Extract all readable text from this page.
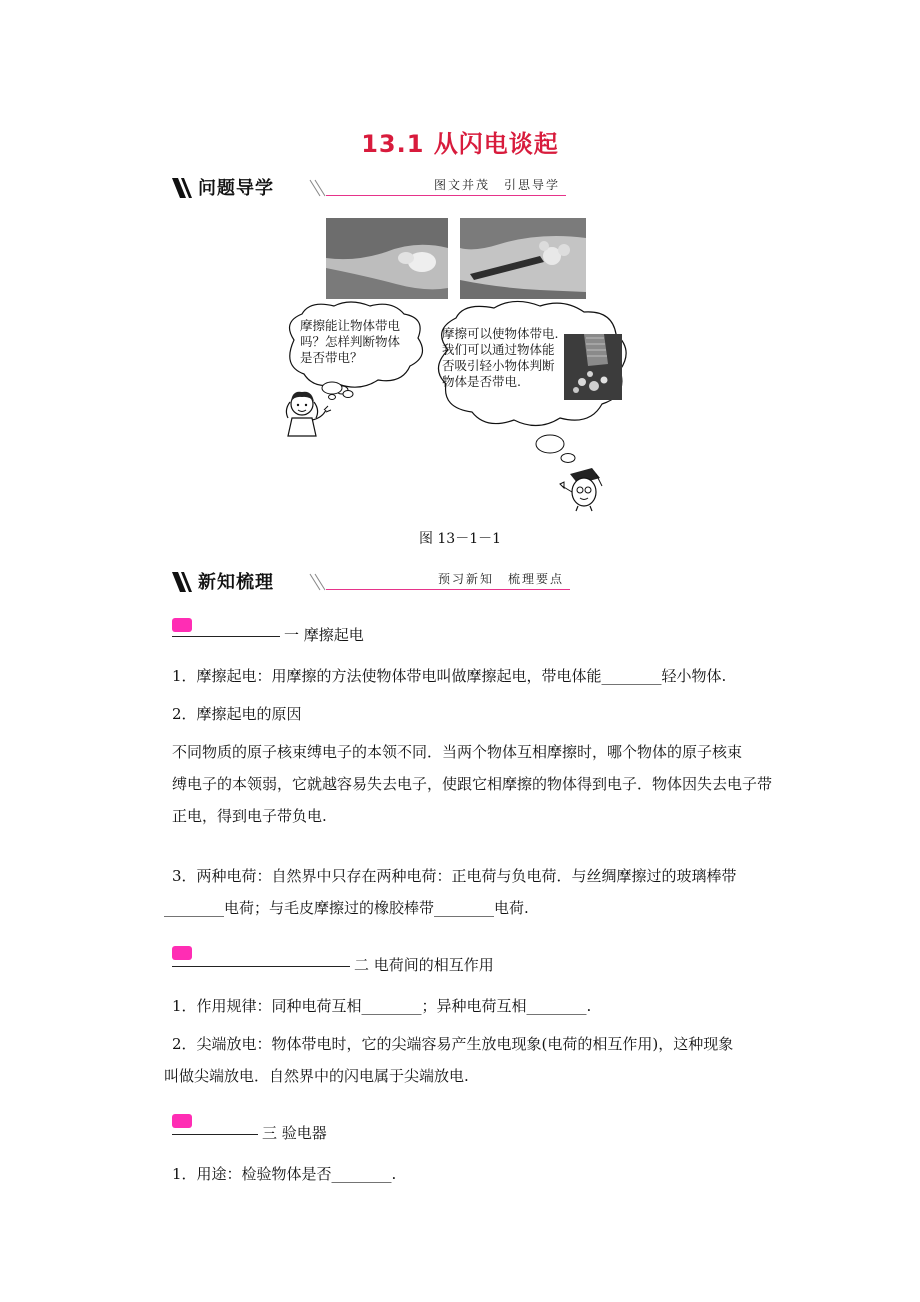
13.1 从闪电谈起
问题导学	图文并茂　引思导学
摩擦能让物体带电
吗？怎样判断物体
是否带电？
摩擦可以使物体带电.
我们可以通过物体能
否吸引轻小物体判断
物体是否带电.
图 13－1－1
新知梳理	预习新知　梳理要点
一 摩擦起电
1．摩擦起电：用摩擦的方法使物体带电叫做摩擦起电，带电体能________轻小物体.
2．摩擦起电的原因
不同物质的原子核束缚电子的本领不同．当两个物体互相摩擦时，哪个物体的原子核束
缚电子的本领弱，它就越容易失去电子，使跟它相摩擦的物体得到电子．物体因失去电子带
正电，得到电子带负电.
3．两种电荷：自然界中只存在两种电荷：正电荷与负电荷．与丝绸摩擦过的玻璃棒带
________电荷；与毛皮摩擦过的橡胶棒带________电荷.
二 电荷间的相互作用
1．作用规律：同种电荷互相________；异种电荷互相________.
2．尖端放电：物体带电时，它的尖端容易产生放电现象(电荷的相互作用)，这种现象
叫做尖端放电．自然界中的闪电属于尖端放电.
三 验电器
1．用途：检验物体是否________.
